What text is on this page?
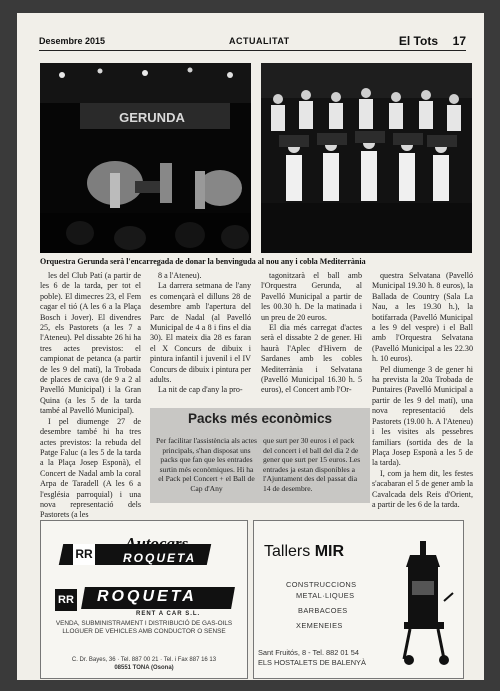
Desembre 2015	ACTUALITAT	El Tots 17
GERUNDA
Orquestra Gerunda serà l'encarregada de donar la benvinguda al nou any i cobla Mediterrània

les del Club Patí (a partir de les 6 de la tarda, per tot el poble). El dimecres 23, el Fem cagar el tió (A les 6 a la Plaça Bosch i Jover). El divendres 25, els Pastorets (a les 7 a l'Ateneu). Pel dissabte 26 hi ha tres actes previstos: el campionat de petanca (a partir de les 9 del matí), la Trobada de places de cava (de 9 a 2 al Pavelló Municipal) i la Gran Quina (a les 5 de la tarda també al Pavelló Municipal).

I pel diumenge 27 de desembre també hi ha tres actes previstos: la rebuda del Patge Faluc (a les 5 de la tarda a la Plaça Josep Esponà), el Concert de Nadal amb la coral Arpa de Taradell (A les 6 a l'església parroquial) i una nova representació dels Pastorets (a les

8 a l'Ateneu).

La darrera setmana de l'any es començarà el dilluns 28 de desembre amb l'apertura del Parc de Nadal (al Pavelló Municipal de 4 a 8 i fins el dia 30). El mateix dia 28 es faran el X Concurs de dibuix i pintura infantil i juvenil i el IV Concurs de dibuix i pintura per adults.

La nit de cap d'any la pro-

tagonitzarà el ball amb l'Orquestra Gerunda, al Pavelló Municipal a partir de les 00.30 h. De la matinada i un preu de 20 euros.

El dia més carregat d'actes serà el dissabte 2 de gener. Hi haurà l'Aplec d'Hivern de Sardanes amb les cobles Mediterrània i Selvatana (Pavelló Municipal 16.30 h. 5 euros), el Concert amb l'Or-

questra Selvatana (Pavelló Municipal 19.30 h. 8 euros), la Ballada de Country (Sala La Nau, a les 19.30 h.), la botifarrada (Pavelló Municipal a les 9 del vespre) i el Ball amb l'Orquestra Selvatana (Pavelló Municipal a les 22.30 h. 10 euros).

Pel diumenge 3 de gener hi ha prevista la 20a Trobada de Puntaires (Pavelló Municipal a partir de les 9 del matí), una nova representació dels Pastorets (19.00 h. A l'Ateneu) i les visites als pessebres familiars (sortida des de la Plaça Josep Esponà a les 5 de la tarda).

I, com ja hem dit, les festes s'acabaran el 5 de gener amb la Cavalcada dels Reis d'Orient, a partir de les 6 de la tarda.

Packs més econòmics
Per facilitar l'assistència als actes principals, s'han disposat uns packs que fan que les entrades surtin més econòmiques. Hi ha el Pack pel Concert + el Ball de Cap d'Any
que surt per 30 euros i el pack del concert i el ball del dia 2 de gener que surt per 15 euros. Les entrades ja estan disponibles a l'Ajuntament des del passat dia 14 de desembre.
RR
Autocars
ROQUETA
RR ROQUETA
RENT A CAR S.L.
VENDA, SUBMINISTRAMENT I DISTRIBUCIÓ DE GAS-OILS
LLOGUER DE VEHICLES AMB CONDUCTOR O SENSE
C. Dr. Bayes, 36 · Tel. 887 00 21 · Tel. i Fax 887 16 13
08551 TONA (Osona)
Tallers MIR
CONSTRUCCIONS
METAL·LIQUES
BARBACOES
XEMENEIES
Sant Fruitós, 8 - Tel. 882 01 54
ELS HOSTALETS DE BALENYÀ
